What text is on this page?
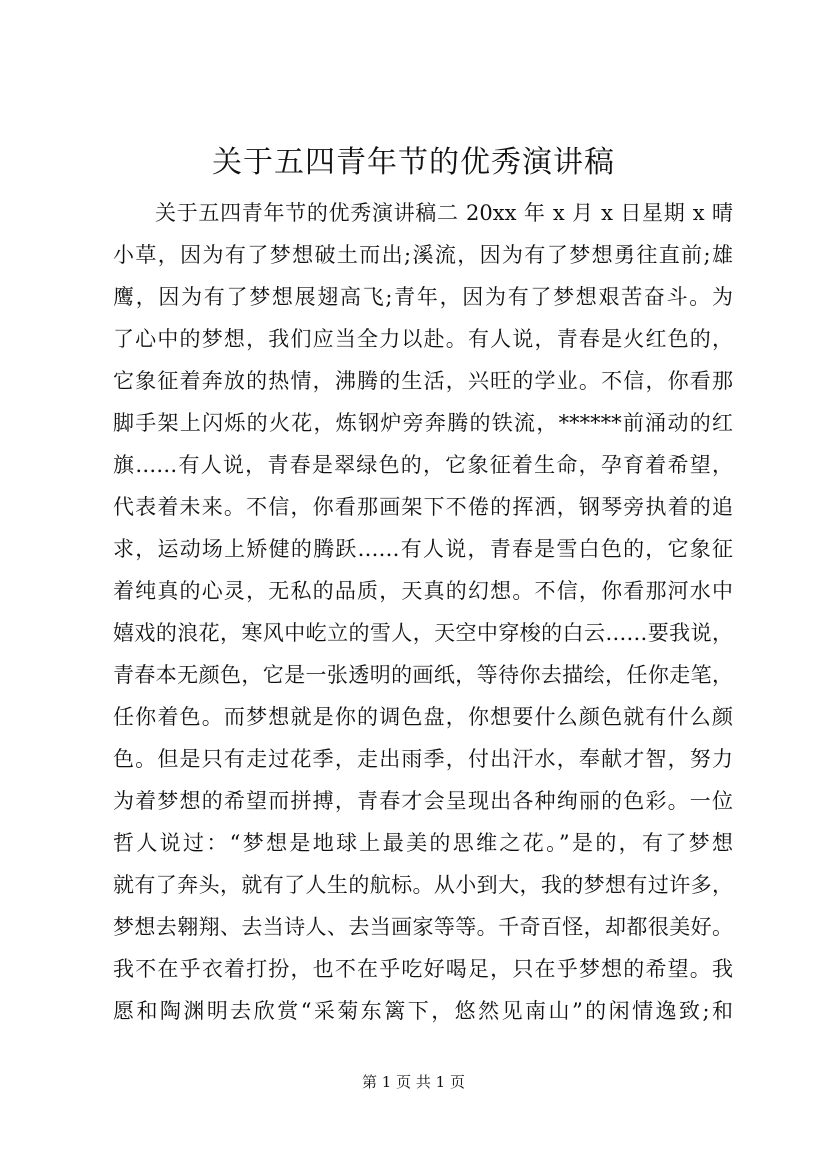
关于五四青年节的优秀演讲稿
关于五四青年节的优秀演讲稿二 20xx 年 x 月 x 日星期 x 晴
小草，因为有了梦想破土而出;溪流，因为有了梦想勇往直前;雄
鹰，因为有了梦想展翅高飞;青年，因为有了梦想艰苦奋斗。为
了心中的梦想，我们应当全力以赴。有人说，青春是火红色的，
它象征着奔放的热情，沸腾的生活，兴旺的学业。不信，你看那
脚手架上闪烁的火花，炼钢炉旁奔腾的铁流，******前涌动的红
旗……有人说，青春是翠绿色的，它象征着生命，孕育着希望，
代表着未来。不信，你看那画架下不倦的挥洒，钢琴旁执着的追
求，运动场上矫健的腾跃……有人说，青春是雪白色的，它象征
着纯真的心灵，无私的品质，天真的幻想。不信，你看那河水中
嬉戏的浪花，寒风中屹立的雪人，天空中穿梭的白云……要我说，
青春本无颜色，它是一张透明的画纸，等待你去描绘，任你走笔，
任你着色。而梦想就是你的调色盘，你想要什么颜色就有什么颜
色。但是只有走过花季，走出雨季，付出汗水，奉献才智，努力
为着梦想的希望而拼搏，青春才会呈现出各种绚丽的色彩。一位
哲人说过：“梦想是地球上最美的思维之花。”是的，有了梦想
就有了奔头，就有了人生的航标。从小到大，我的梦想有过许多，
梦想去翱翔、去当诗人、去当画家等等。千奇百怪，却都很美好。
我不在乎衣着打扮，也不在乎吃好喝足，只在乎梦想的希望。我
愿和陶渊明去欣赏“采菊东篱下，悠然见南山”的闲情逸致;和
第 1 页 共 1 页
